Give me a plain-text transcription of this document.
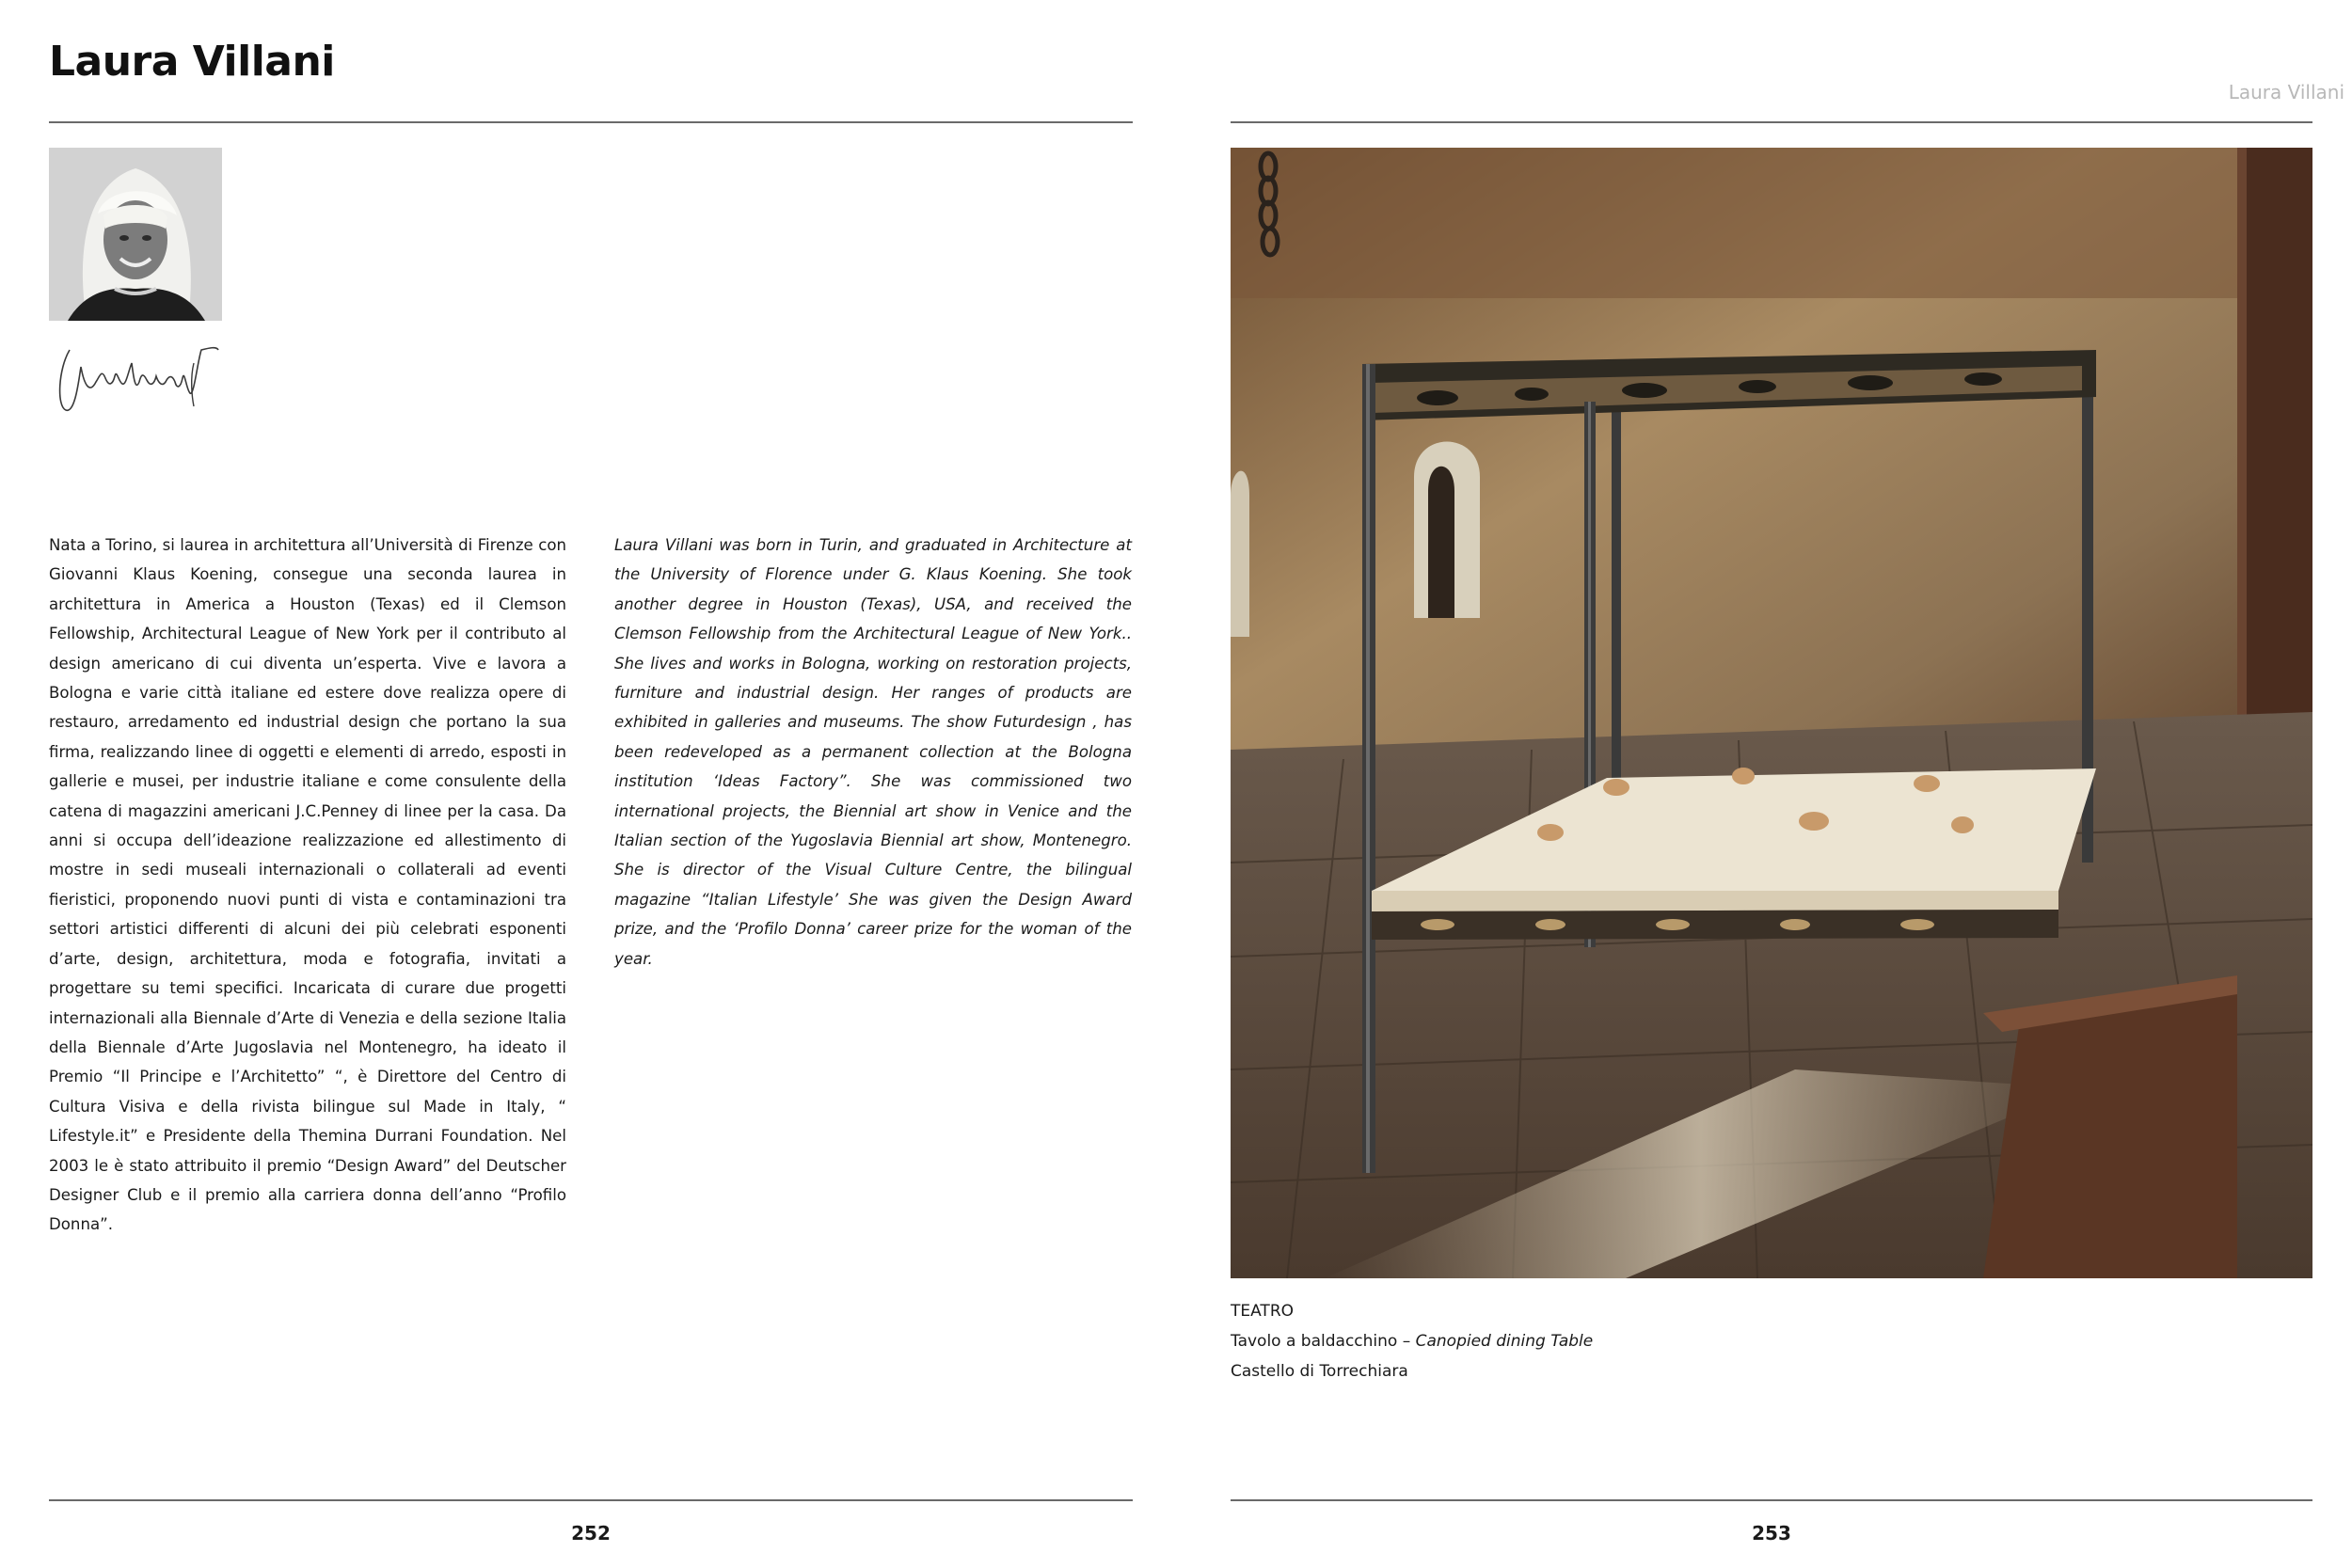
Laura Villani

Nata a Torino, si laurea in architettura all’Università di Firenze con Giovanni Klaus Koening, consegue una seconda laurea in architettura in America a Houston (Texas) ed il Clemson Fellowship, Architectural League of New York per il contributo al design americano di cui diventa un’esperta. Vive e lavora a Bologna e varie città italiane ed estere dove realizza opere di restauro, arredamento ed industrial design che portano la sua firma, realizzando linee di oggetti e elementi di arredo, esposti in gallerie e musei, per industrie italiane e come consulente della catena di magazzini americani J.C.Penney di linee per la casa. Da anni si occupa dell’ideazione realizzazione ed allestimento di mostre in sedi museali internazionali o collaterali ad eventi fieristici, proponendo nuovi punti di vista e contaminazioni tra settori artistici differenti di alcuni dei più celebrati esponenti d’arte, design, architettura, moda e fotografia, invitati a progettare su temi specifici. Incaricata di curare due progetti internazionali alla Biennale d’Arte di Venezia e della sezione Italia della Biennale d’Arte Jugoslavia nel Montenegro, ha ideato il Premio “Il Principe e l’Architetto” “, è Direttore del Centro di Cultura Visiva e della rivista bilingue sul Made in Italy, “ Lifestyle.it” e Presidente della Themina Durrani Foundation. Nel 2003 le è stato attribuito il premio “Design Award” del Deutscher Designer Club e il premio alla carriera donna dell’anno “Profilo Donna”.

Laura Villani was born in Turin, and graduated in Architecture at the University of Florence under G. Klaus Koening. She took another degree in Houston (Texas), USA, and received the Clemson Fellowship from the Architectural League of New York.. She lives and works in Bologna, working on restoration projects, furniture and industrial design. Her ranges of products are exhibited in galleries and museums. The show Futurdesign , has been redeveloped as a permanent collection at the Bologna institution ‘Ideas Factory”. She was commissioned two international projects, the Biennial art show in Venice and the Italian section of the Yugoslavia Biennial art show, Montenegro. She is director of the Visual Culture Centre, the bilingual magazine “Italian Lifestyle’ She was given the Design Award prize, and the ‘Profilo Donna’ career prize for the woman of the year.

252
Laura Villani
TEATRO
Tavolo a baldacchino – Canopied dining Table
Castello di Torrechiara
253
